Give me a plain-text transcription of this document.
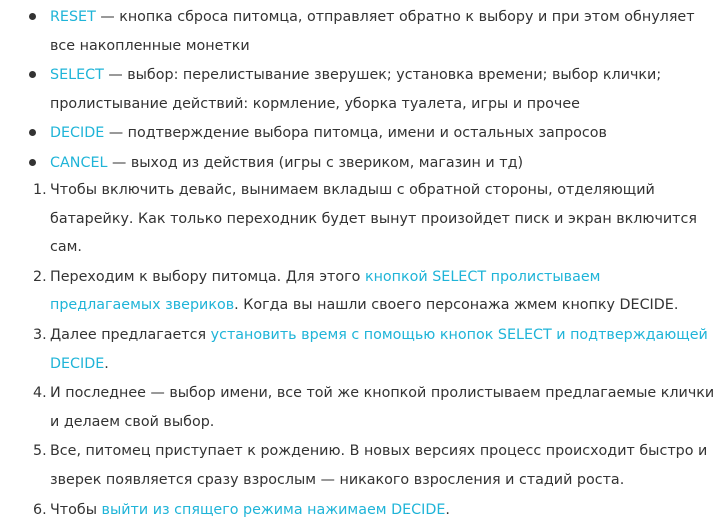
RESET — кнопка сброса питомца, отправляет обратно к выбору и при этом обнуляет все накопленные монетки
SELECT — выбор: перелистывание зверушек; установка времени; выбор клички; пролистывание действий: кормление, уборка туалета, игры и прочее
DECIDE — подтверждение выбора питомца, имени и остальных запросов
CANCEL — выход из действия (игры с звериком, магазин и тд)
1. Чтобы включить девайс, вынимаем вкладыш с обратной стороны, отделяющий батарейку. Как только переходник будет вынут произойдет писк и экран включится сам.
2. Переходим к выбору питомца. Для этого кнопкой SELECT пролистываем предлагаемых звериков. Когда вы нашли своего персонажа жмем кнопку DECIDE.
3. Далее предлагается установить время с помощью кнопок SELECT и подтверждающей DECIDE.
4. И последнее — выбор имени, все той же кнопкой пролистываем предлагаемые клички и делаем свой выбор.
5. Все, питомец приступает к рождению. В новых версиях процесс происходит быстро и зверек появляется сразу взрослым — никакого взросления и стадий роста.
6. Чтобы выйти из спящего режима нажимаем DECIDE.
